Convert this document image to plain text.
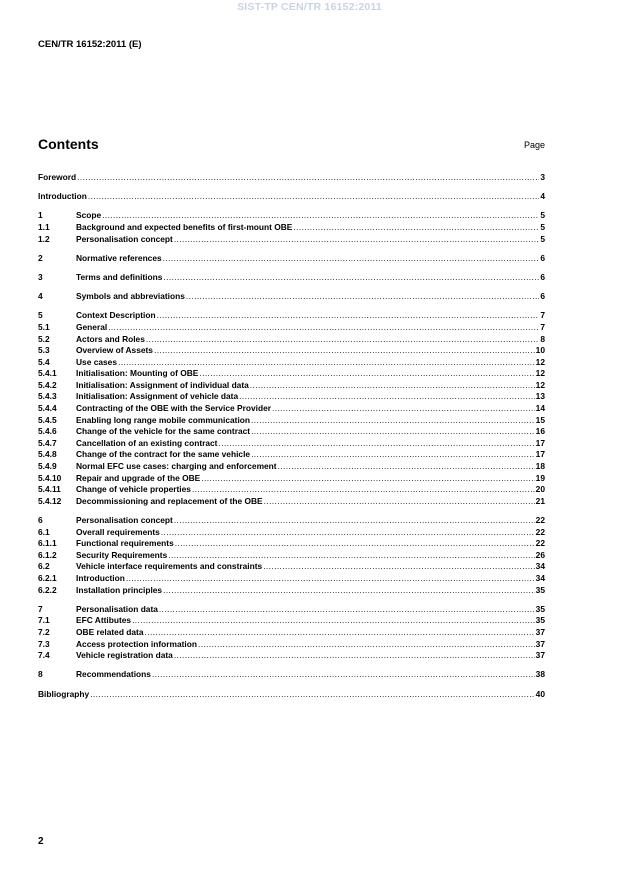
SIST-TP CEN/TR 16152:2011
CEN/TR 16152:2011 (E)
Contents	Page
Foreword .....	3
Introduction .....	4
1	Scope .....	5
1.1	Background and expected benefits of first-mount OBE .....	5
1.2	Personalisation concept .....	5
2	Normative references .....	6
3	Terms and definitions .....	6
4	Symbols and abbreviations .....	6
5	Context Description .....	7
5.1	General .....	7
5.2	Actors and Roles .....	8
5.3	Overview of Assets .....	10
5.4	Use cases .....	12
5.4.1	Initialisation: Mounting of OBE .....	12
5.4.2	Initialisation: Assignment of individual data .....	12
5.4.3	Initialisation: Assignment of vehicle data .....	13
5.4.4	Contracting of the OBE with the Service Provider .....	14
5.4.5	Enabling long range mobile communication .....	15
5.4.6	Change of the vehicle for the same contract .....	16
5.4.7	Cancellation of an existing contract .....	17
5.4.8	Change of the contract for the same vehicle .....	17
5.4.9	Normal EFC use cases: charging and enforcement .....	18
5.4.10	Repair and upgrade of the OBE .....	19
5.4.11	Change of vehicle properties .....	20
5.4.12	Decommissioning and replacement of the OBE .....	21
6	Personalisation concept .....	22
6.1	Overall requirements .....	22
6.1.1	Functional requirements .....	22
6.1.2	Security Requirements .....	26
6.2	Vehicle interface requirements and constraints .....	34
6.2.1	Introduction .....	34
6.2.2	Installation principles .....	35
7	Personalisation data .....	35
7.1	EFC Attibutes .....	35
7.2	OBE related data .....	37
7.3	Access protection information .....	37
7.4	Vehicle registration data .....	37
8	Recommendations .....	38
Bibliography .....	40
2
